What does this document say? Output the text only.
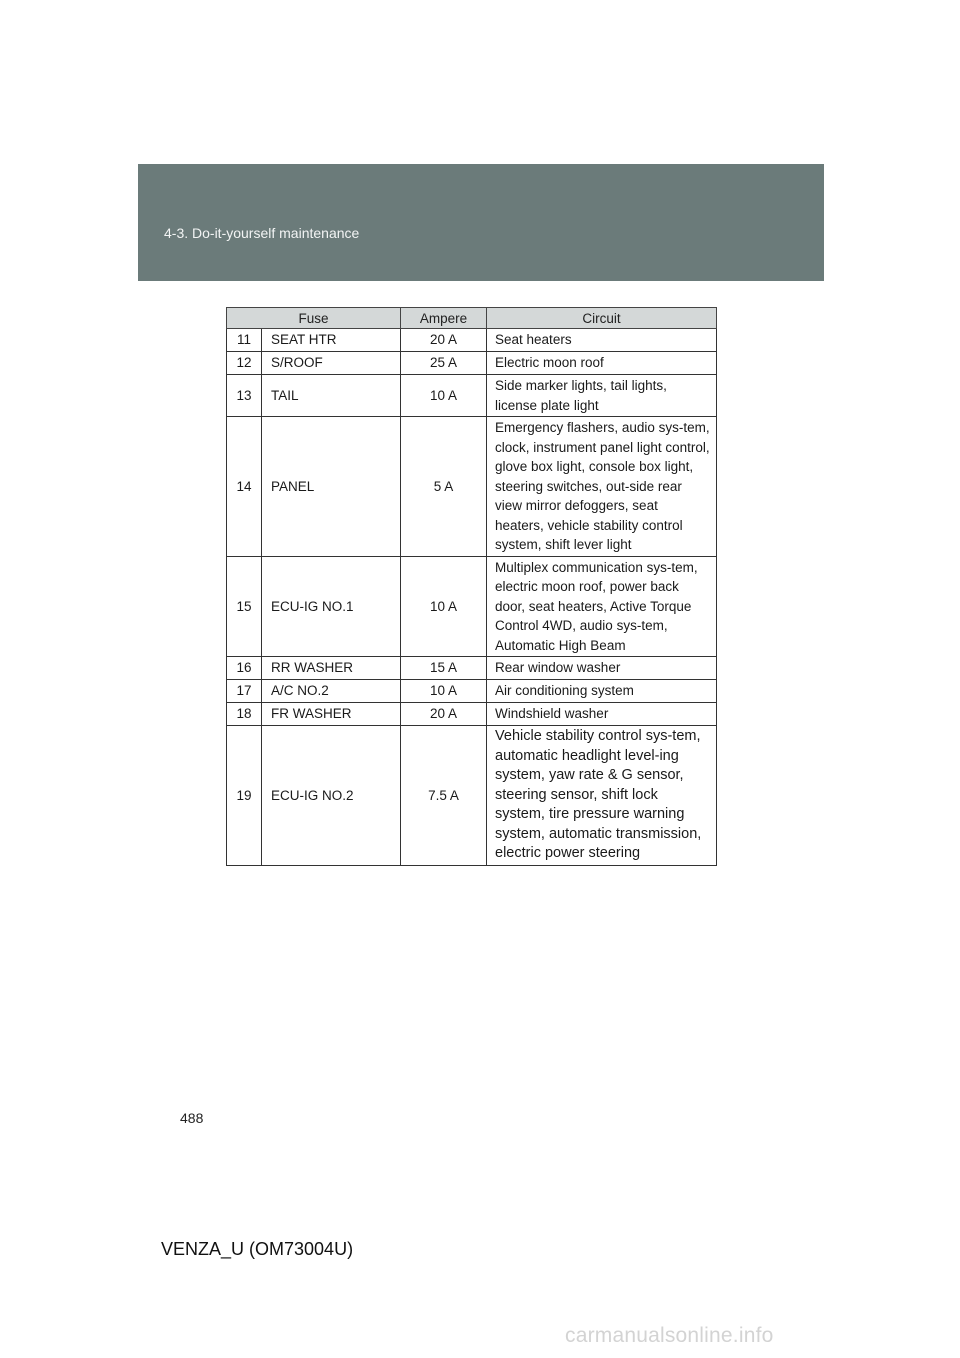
4-3. Do-it-yourself maintenance
Fuse		Ampere	Circuit
11	SEAT HTR	20 A	Seat heaters
12	S/ROOF	25 A	Electric moon roof
13	TAIL	10 A	Side marker lights, tail lights, license plate light
14	PANEL	5 A	Emergency flashers, audio sys-tem, clock, instrument panel light control, glove box light, console box light, steering switches, out-side rear view mirror defoggers, seat heaters, vehicle stability control system, shift lever light
15	ECU-IG NO.1	10 A	Multiplex communication sys-tem, electric moon roof, power back door, seat heaters, Active Torque Control 4WD, audio sys-tem, Automatic High Beam
16	RR WASHER	15 A	Rear window washer
17	A/C NO.2	10 A	Air conditioning system
18	FR WASHER	20 A	Windshield washer
19	ECU-IG NO.2	7.5 A	Vehicle stability control sys-tem, automatic headlight level-ing system, yaw rate & G sensor, steering sensor, shift lock system, tire pressure warning system, automatic transmission, electric power steering
488
VENZA_U (OM73004U)
carmanualsonline.info
